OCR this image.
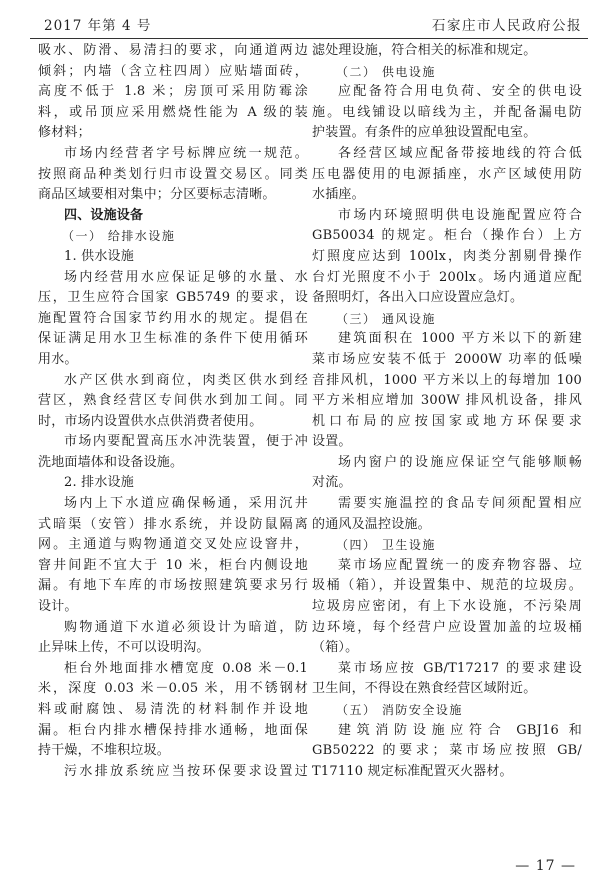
2017 年第 4 号	石家庄市人民政府公报

吸水、防滑、易清扫的要求，向通道两边

倾斜；内墙（含立柱四周）应贴墙面砖，

高度不低于 1.8 米；房顶可采用防霉涂

料，或吊顶应采用燃烧性能为 A 级的装

修材料；

市场内经营者字号标牌应统一规范。

按照商品种类划行归市设置交易区。同类

商品区域要相对集中；分区要标志清晰。

四、设施设备

（一） 给排水设施

1. 供水设施

场内经营用水应保证足够的水量、水

压，卫生应符合国家 GB5749 的要求，设

施配置符合国家节约用水的规定。提倡在

保证满足用水卫生标准的条件下使用循环

用水。

水产区供水到商位，肉类区供水到经

营区，熟食经营区专间供水到加工间。同

时，市场内设置供水点供消费者使用。

市场内要配置高压水冲洗装置，便于冲

洗地面墙体和设备设施。

2. 排水设施

场内上下水道应确保畅通，采用沉井

式暗渠（安管）排水系统，并设防鼠隔离

网。主通道与购物通道交叉处应设窨井，

窨井间距不宜大于 10 米，柜台内侧设地

漏。有地下车库的市场按照建筑要求另行

设计。

购物通道下水道必须设计为暗道，防

止异味上传，不可以设明沟。

柜台外地面排水槽宽度 0.08 米－0.1

米，深度 0.03 米－0.05 米，用不锈钢材

料或耐腐蚀、易清洗的材料制作并设地

漏。柜台内排水槽保持排水通畅，地面保

持干燥，不堆积垃圾。

污水排放系统应当按环保要求设置过

滤处理设施，符合相关的标准和规定。

（二） 供电设施

应配备符合用电负荷、安全的供电设

施。电线铺设以暗线为主，并配备漏电防

护装置。有条件的应单独设置配电室。

各经营区域应配备带接地线的符合低

压电器使用的电源插座，水产区域使用防

水插座。

市场内环境照明供电设施配置应符合

GB50034 的规定。柜台（操作台）上方

灯照度应达到 100lx，肉类分割剔骨操作

台灯光照度不小于 200lx。场内通道应配

备照明灯，各出入口应设置应急灯。

（三） 通风设施

建筑面积在 1000 平方米以下的新建

菜市场应安装不低于 2000W 功率的低噪

音排风机，1000 平方米以上的每增加 100

平方米相应增加 300W 排风机设备，排风

机口布局的应按国家或地方环保要求

设置。

场内窗户的设施应保证空气能够顺畅

对流。

需要实施温控的食品专间须配置相应

的通风及温控设施。

（四） 卫生设施

菜市场应配置统一的废弃物容器、垃

圾桶（箱），并设置集中、规范的垃圾房。

垃圾房应密闭，有上下水设施，不污染周

边环境，每个经营户应设置加盖的垃圾桶

（箱）。

菜市场应按 GB/T17217 的要求建设

卫生间，不得设在熟食经营区域附近。

（五） 消防安全设施

建筑消防设施应符合 GBJ16 和

GB50222 的要求；菜市场应按照 GB/

T17110 规定标准配置灭火器材。

— 17 —
